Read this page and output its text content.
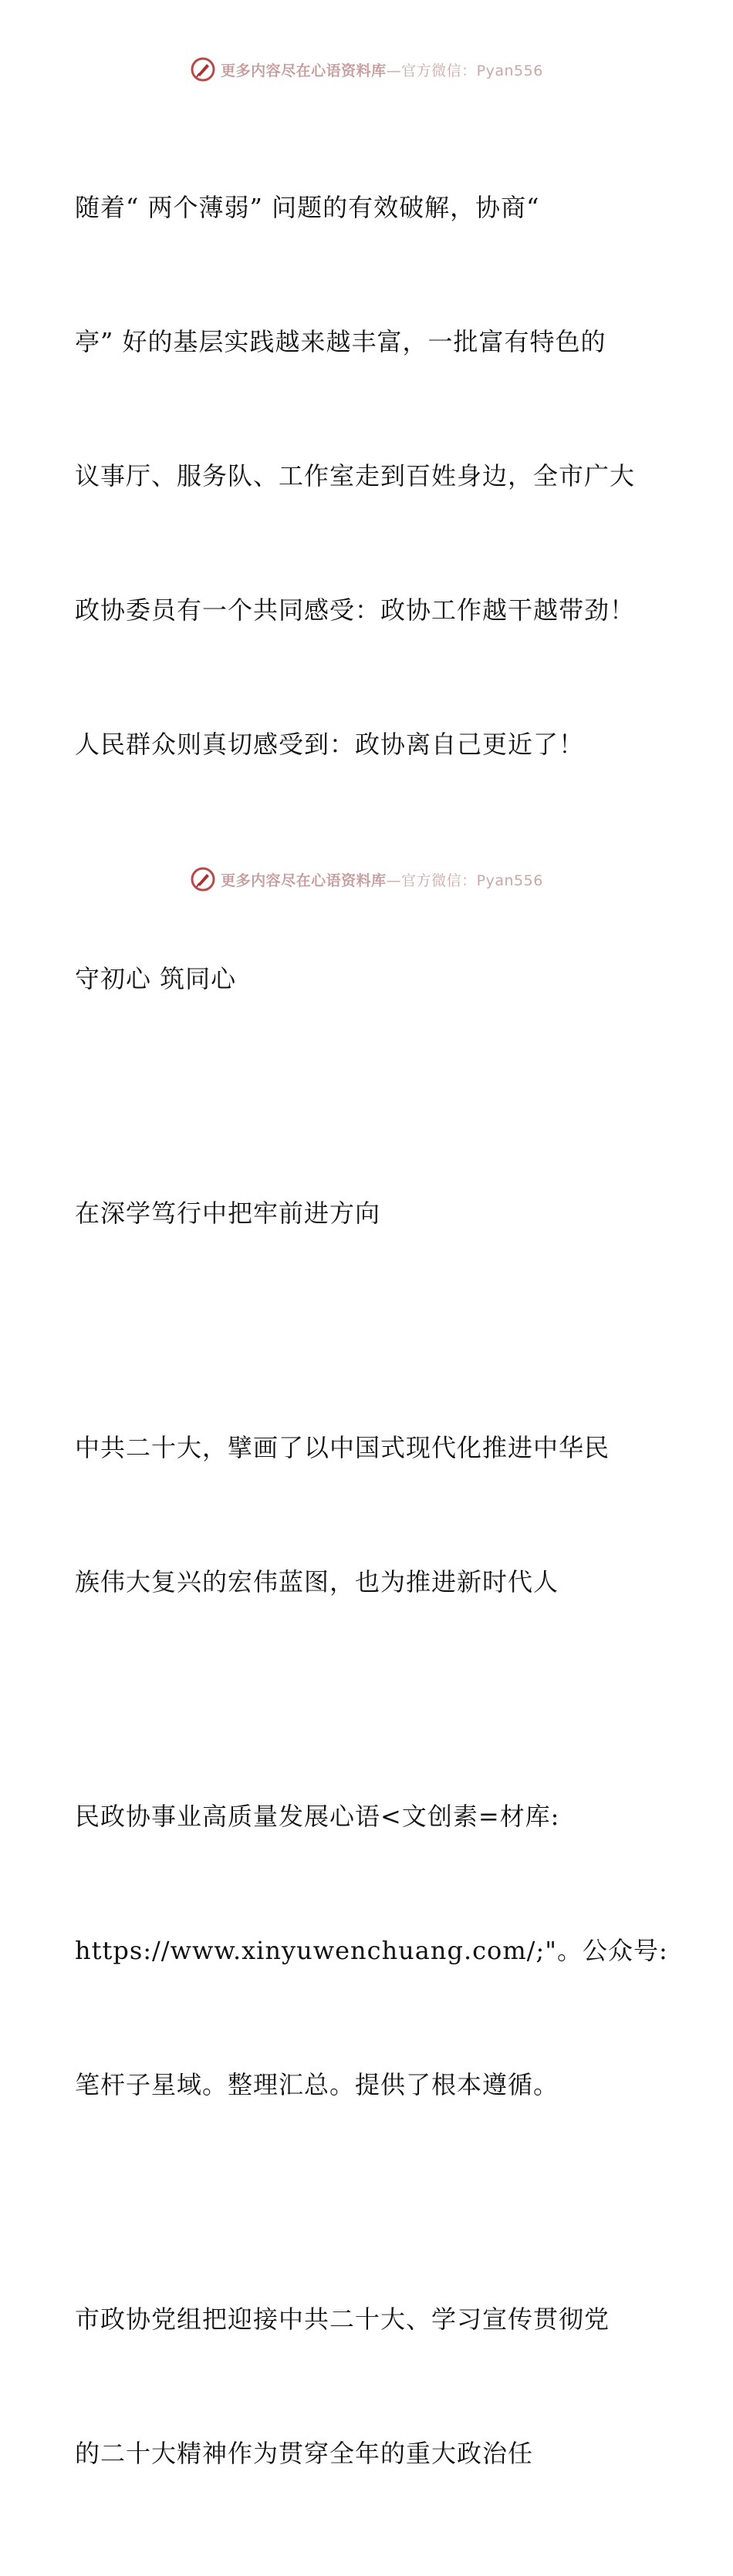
更多内容尽在心语资料库—官方微信：Pyan556

随着“ 两个薄弱” 问题的有效破解，协商“

亭” 好的基层实践越来越丰富，一批富有特色的

议事厅、服务队、工作室走到百姓身边，全市广大

政协委员有一个共同感受：政协工作越干越带劲！

人民群众则真切感受到：政协离自己更近了！

守初心 筑同心

在深学笃行中把牢前进方向

中共二十大，擘画了以中国式现代化推进中华民

族伟大复兴的宏伟蓝图，也为推进新时代人

民政协事业高质量发展心语<文创素=材库:

https://www.xinyuwenchuang.com/;"。公众号:

笔杆子星域。整理汇总。提供了根本遵循。

市政协党组把迎接中共二十大、学习宣传贯彻党

的二十大精神作为贯穿全年的重大政治任

更多内容尽在心语资料库—官方微信：Pyan556
